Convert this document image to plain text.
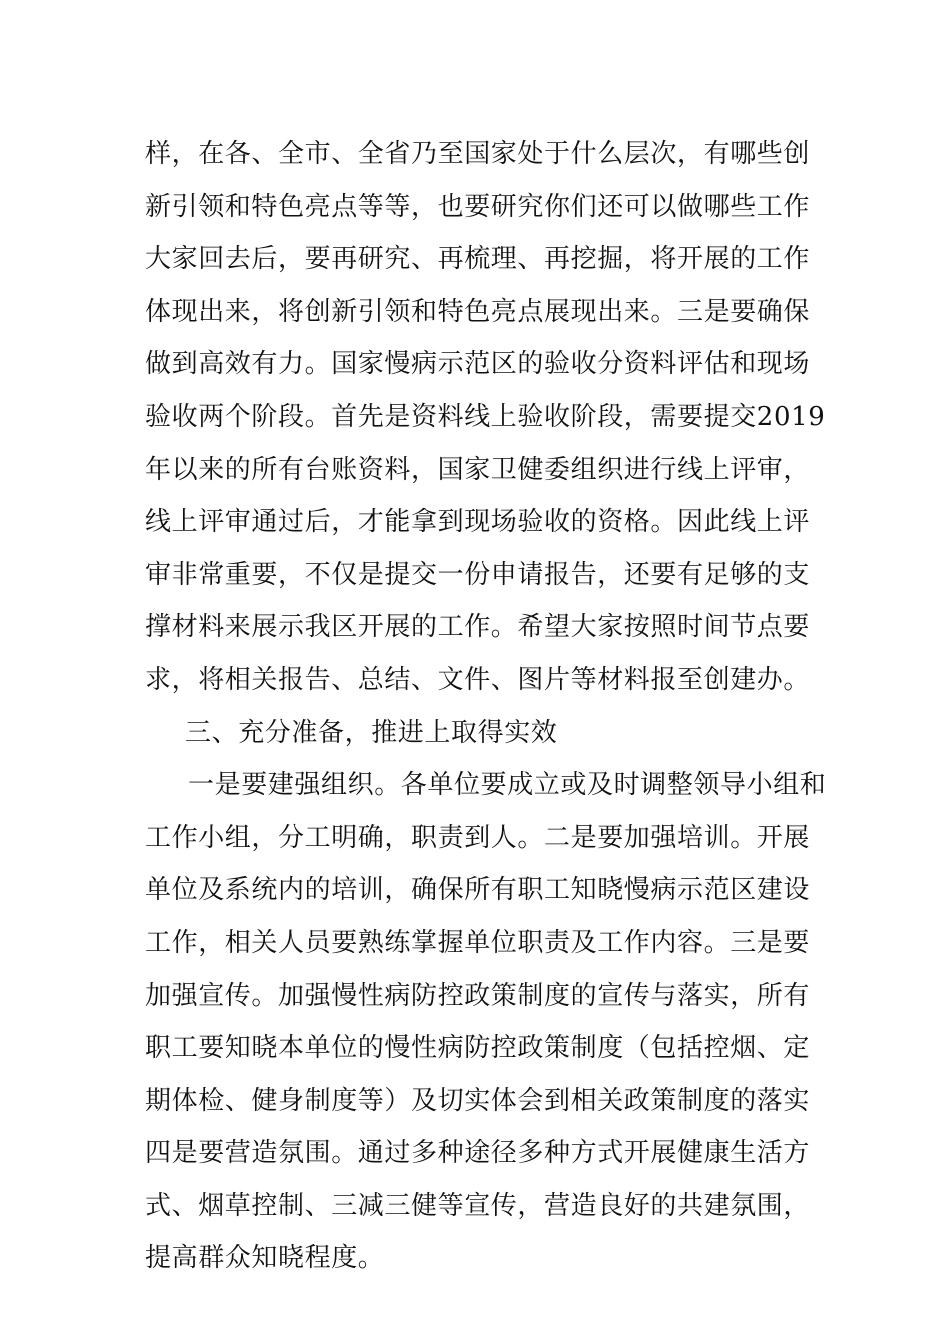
样，在各、全市、全省乃至国家处于什么层次，有哪些创
新引领和特色亮点等等，也要研究你们还可以做哪些工作
大家回去后，要再研究、再梳理、再挖掘，将开展的工作
体现出来，将创新引领和特色亮点展现出来。三是要确保
做到高效有力。国家慢病示范区的验收分资料评估和现场
验收两个阶段。首先是资料线上验收阶段，需要提交2019
年以来的所有台账资料，国家卫健委组织进行线上评审，
线上评审通过后，才能拿到现场验收的资格。因此线上评
审非常重要，不仅是提交一份申请报告，还要有足够的支
撑材料来展示我区开展的工作。希望大家按照时间节点要
求，将相关报告、总结、文件、图片等材料报至创建办。
三、充分准备，推进上取得实效
一是要建强组织。各单位要成立或及时调整领导小组和
工作小组，分工明确，职责到人。二是要加强培训。开展
单位及系统内的培训，确保所有职工知晓慢病示范区建设
工作，相关人员要熟练掌握单位职责及工作内容。三是要
加强宣传。加强慢性病防控政策制度的宣传与落实，所有
职工要知晓本单位的慢性病防控政策制度（包括控烟、定
期体检、健身制度等）及切实体会到相关政策制度的落实
四是要营造氛围。通过多种途径多种方式开展健康生活方
式、烟草控制、三减三健等宣传，营造良好的共建氛围，
提高群众知晓程度。
